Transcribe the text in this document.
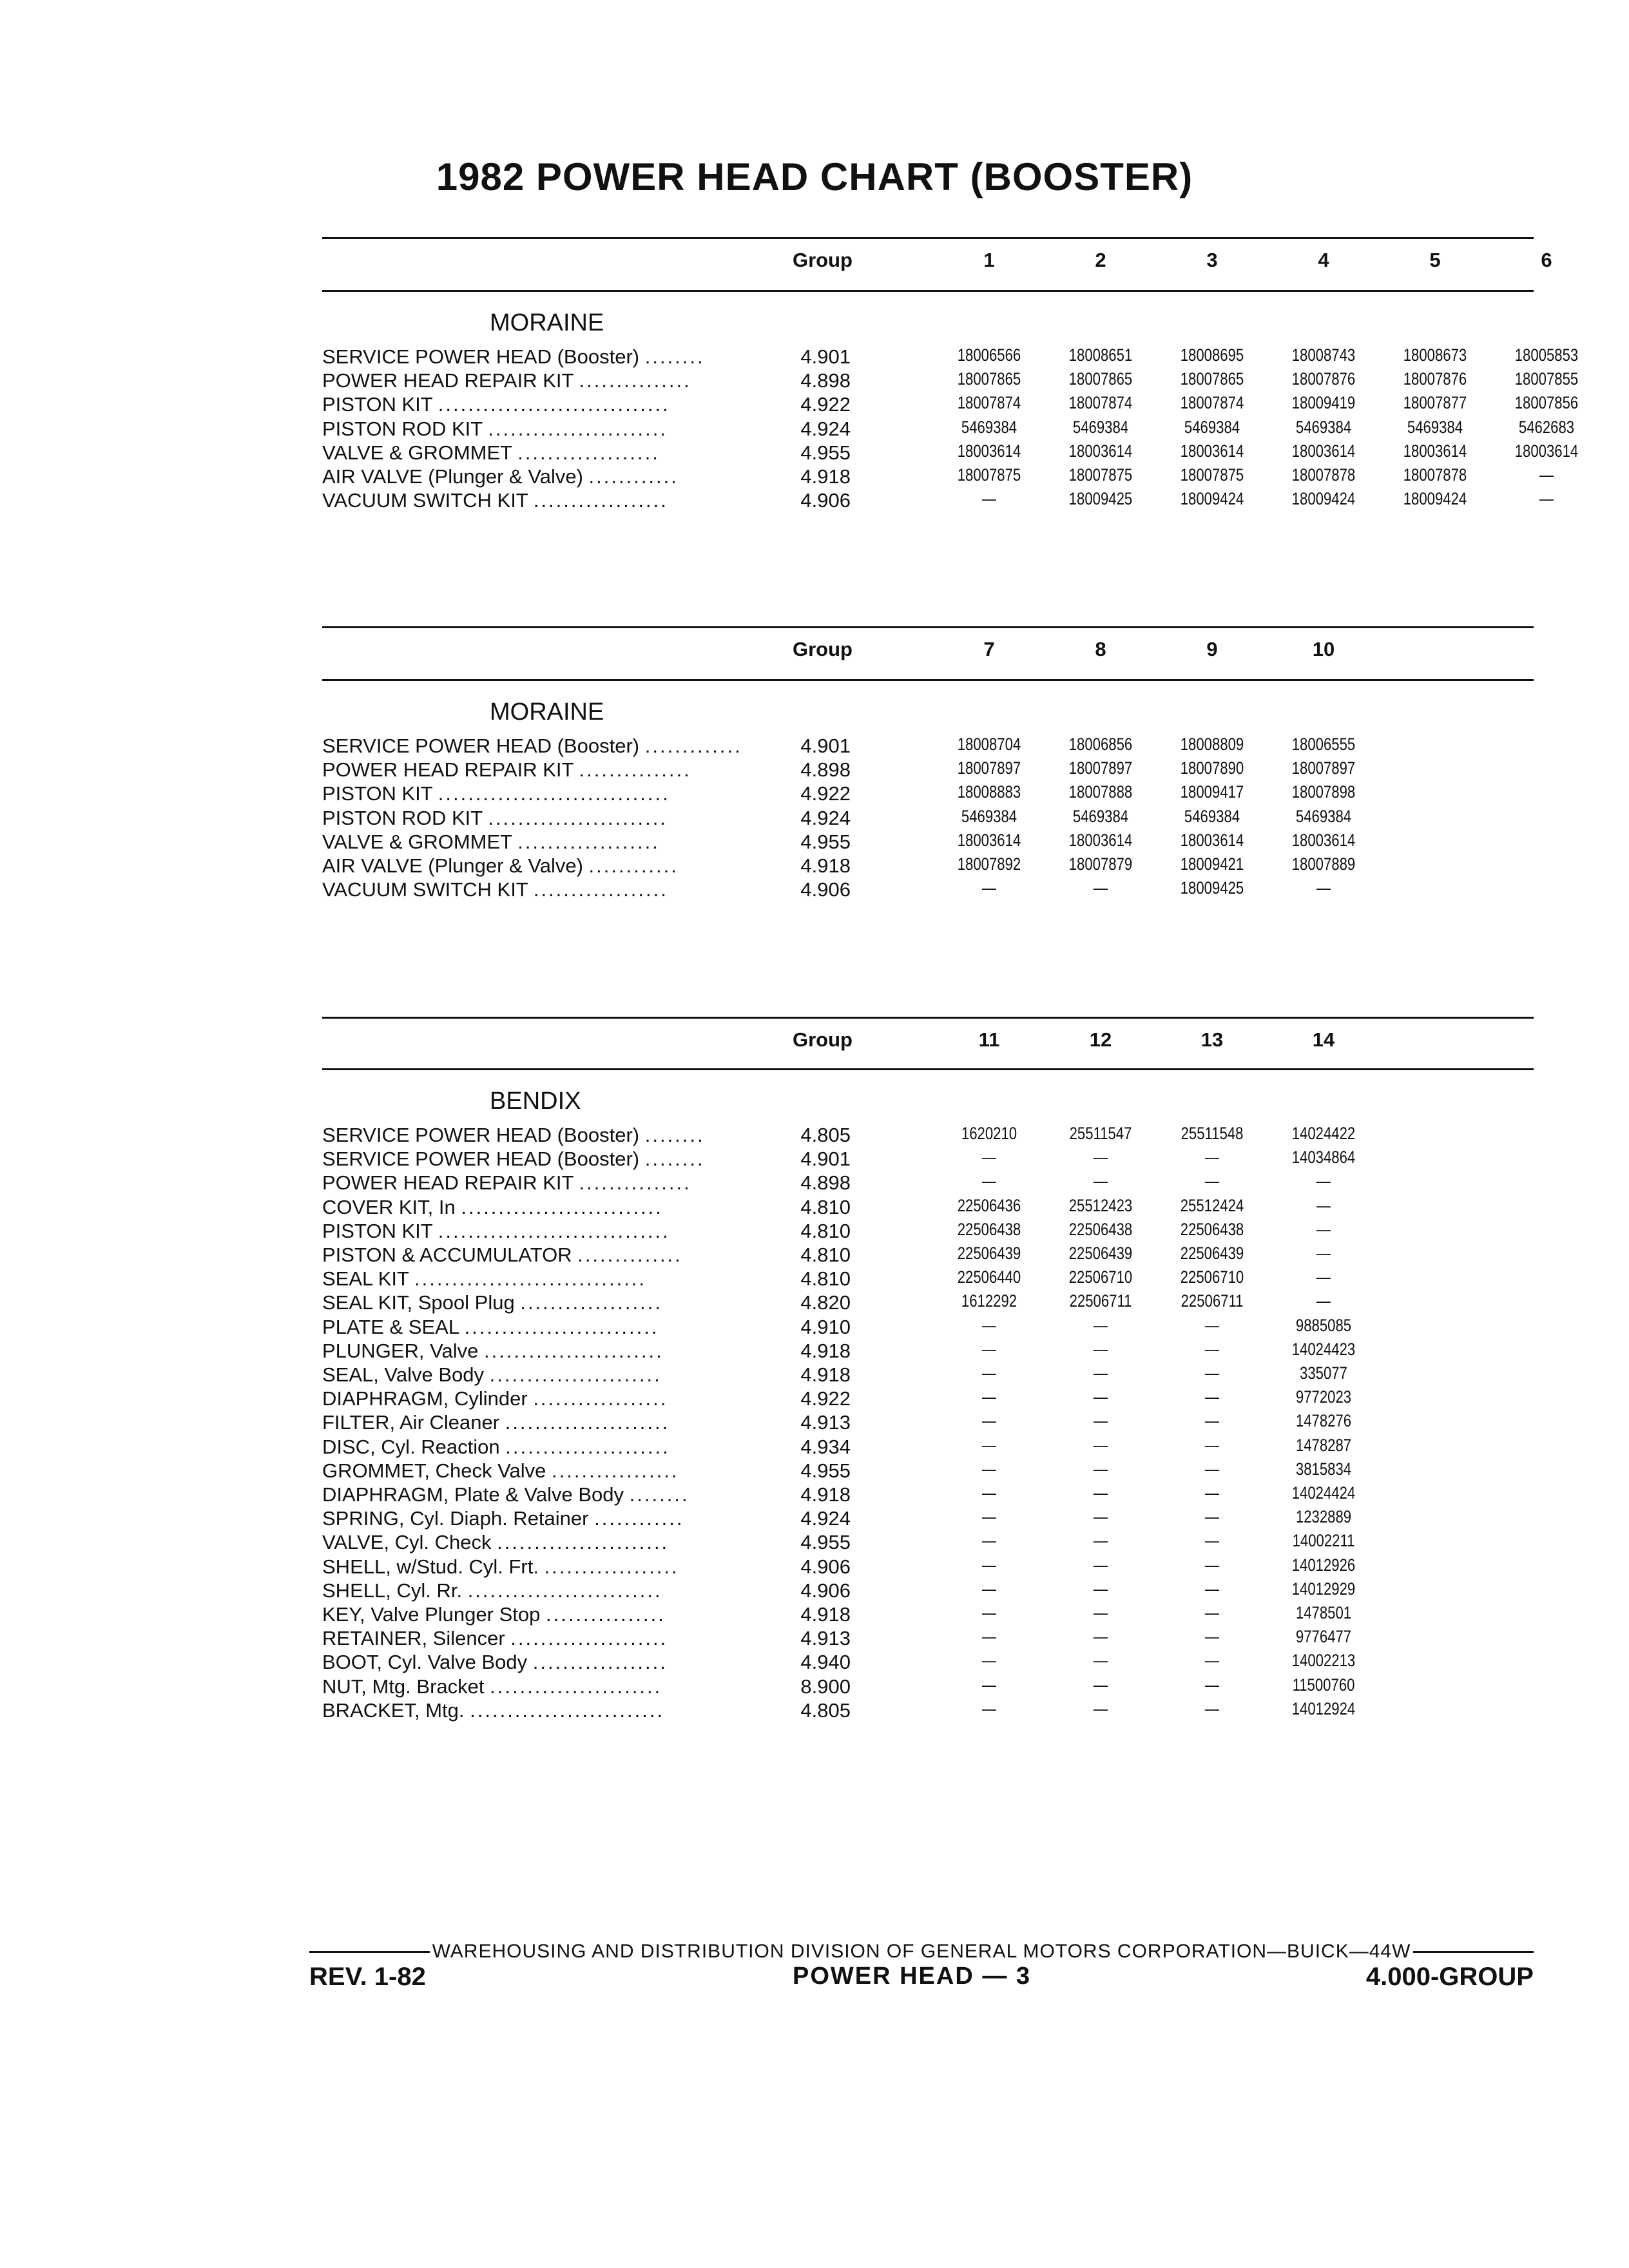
1982 POWER HEAD CHART (BOOSTER)
Group	1	2	3	4	5	6
MORAINE
SERVICE POWER HEAD (Booster) ........	4.901	18006566	18008651	18008695	18008743	18008673	18005853
POWER HEAD REPAIR KIT ...............	4.898	18007865	18007865	18007865	18007876	18007876	18007855
PISTON KIT ...............................	4.922	18007874	18007874	18007874	18009419	18007877	18007856
PISTON ROD KIT ........................	4.924	5469384	5469384	5469384	5469384	5469384	5462683
VALVE & GROMMET ...................	4.955	18003614	18003614	18003614	18003614	18003614	18003614
AIR VALVE (Plunger & Valve) ............	4.918	18007875	18007875	18007875	18007878	18007878	—
VACUUM SWITCH KIT ..................	4.906	—	18009425	18009424	18009424	18009424	—
Group	7	8	9	10
MORAINE
SERVICE POWER HEAD (Booster) .............	4.901	18008704	18006856	18008809	18006555
POWER HEAD REPAIR KIT ...............	4.898	18007897	18007897	18007890	18007897
PISTON KIT ...............................	4.922	18008883	18007888	18009417	18007898
PISTON ROD KIT ........................	4.924	5469384	5469384	5469384	5469384
VALVE & GROMMET ...................	4.955	18003614	18003614	18003614	18003614
AIR VALVE (Plunger & Valve) ............	4.918	18007892	18007879	18009421	18007889
VACUUM SWITCH KIT ..................	4.906	—	—	18009425	—
Group	11	12	13	14
BENDIX
SERVICE POWER HEAD (Booster) ........	4.805	1620210	25511547	25511548	14024422
SERVICE POWER HEAD (Booster) ........	4.901	—	—	—	14034864
POWER HEAD REPAIR KIT ...............	4.898	—	—	—	—
COVER KIT, In ...........................	4.810	22506436	25512423	25512424	—
PISTON KIT ...............................	4.810	22506438	22506438	22506438	—
PISTON & ACCUMULATOR ..............	4.810	22506439	22506439	22506439	—
SEAL KIT ...............................	4.810	22506440	22506710	22506710	—
SEAL KIT, Spool Plug ...................	4.820	1612292	22506711	22506711	—
PLATE & SEAL ..........................	4.910	—	—	—	9885085
PLUNGER, Valve ........................	4.918	—	—	—	14024423
SEAL, Valve Body .......................	4.918	—	—	—	335077
DIAPHRAGM, Cylinder ..................	4.922	—	—	—	9772023
FILTER, Air Cleaner ......................	4.913	—	—	—	1478276
DISC, Cyl. Reaction ......................	4.934	—	—	—	1478287
GROMMET, Check Valve .................	4.955	—	—	—	3815834
DIAPHRAGM, Plate & Valve Body ........	4.918	—	—	—	14024424
SPRING, Cyl. Diaph. Retainer ............	4.924	—	—	—	1232889
VALVE, Cyl. Check .......................	4.955	—	—	—	14002211
SHELL, w/Stud. Cyl. Frt. ..................	4.906	—	—	—	14012926
SHELL, Cyl. Rr. ..........................	4.906	—	—	—	14012929
KEY, Valve Plunger Stop ................	4.918	—	—	—	1478501
RETAINER, Silencer .....................	4.913	—	—	—	9776477
BOOT, Cyl. Valve Body ..................	4.940	—	—	—	14002213
NUT, Mtg. Bracket .......................	8.900	—	—	—	11500760
BRACKET, Mtg. ..........................	4.805	—	—	—	14012924
WAREHOUSING AND DISTRIBUTION DIVISION OF GENERAL MOTORS CORPORATION—BUICK—44W
REV. 1-82	POWER HEAD — 3	4.000-GROUP
